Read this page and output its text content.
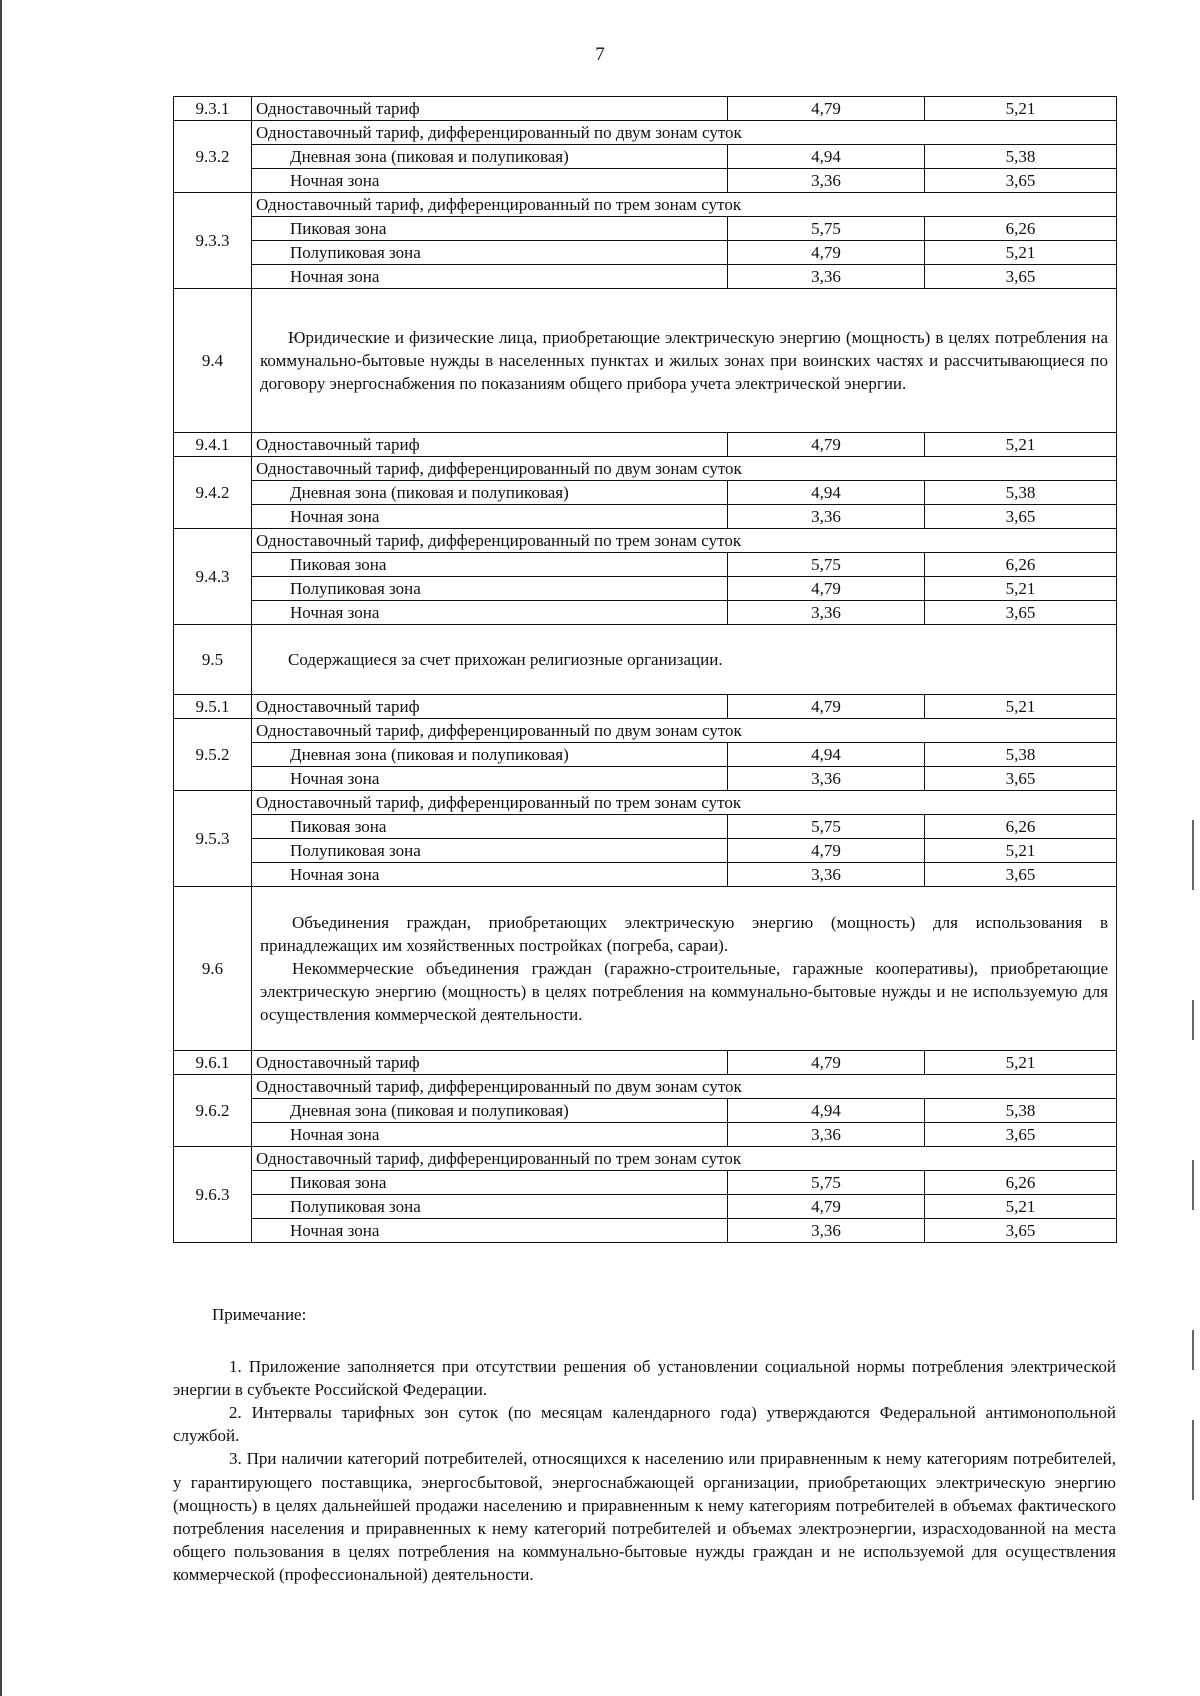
7
9.3.1	Одноставочный тариф	4,79	5,21
9.3.2	Одноставочный тариф, дифференцированный по двум зонам суток		
	Дневная зона (пиковая и полупиковая)	4,94	5,38
	Ночная зона	3,36	3,65
9.3.3	Одноставочный тариф, дифференцированный по трем зонам суток		
	Пиковая зона	5,75	6,26
	Полупиковая зона	4,79	5,21
	Ночная зона	3,36	3,65
9.4	Юридические и физические лица, приобретающие электрическую энергию (мощность) в целях потребления на коммунально-бытовые нужды в населенных пунктах и жилых зонах при воинских частях и рассчитывающиеся по договору энергоснабжения по показаниям общего прибора учета электрической энергии.		

9.4.1	Одноставочный тариф	4,79	5,21
9.4.2	Одноставочный тариф, дифференцированный по двум зонам суток		
	Дневная зона (пиковая и полупиковая)	4,94	5,38
	Ночная зона	3,36	3,65
9.4.3	Одноставочный тариф, дифференцированный по трем зонам суток		
	Пиковая зона	5,75	6,26
	Полупиковая зона	4,79	5,21
	Ночная зона	3,36	3,65
9.5	Содержащиеся за счет прихожан религиозные организации.		

9.5.1	Одноставочный тариф	4,79	5,21
9.5.2	Одноставочный тариф, дифференцированный по двум зонам суток		
	Дневная зона (пиковая и полупиковая)	4,94	5,38
	Ночная зона	3,36	3,65
9.5.3	Одноставочный тариф, дифференцированный по трем зонам суток		
	Пиковая зона	5,75	6,26
	Полупиковая зона	4,79	5,21
	Ночная зона	3,36	3,65
9.6	Объединения граждан, приобретающих электрическую энергию (мощность) для использования в принадлежащих им хозяйственных постройках (погреба, сараи).

Некоммерческие объединения граждан (гаражно-строительные, гаражные кооперативы), приобретающие электрическую энергию (мощность) в целях потребления на коммунально-бытовые нужды и не используемую для осуществления коммерческой деятельности.		

9.6.1	Одноставочный тариф	4,79	5,21
9.6.2	Одноставочный тариф, дифференцированный по двум зонам суток		
	Дневная зона (пиковая и полупиковая)	4,94	5,38
	Ночная зона	3,36	3,65
9.6.3	Одноставочный тариф, дифференцированный по трем зонам суток		
	Пиковая зона	5,75	6,26
	Полупиковая зона	4,79	5,21
	Ночная зона	3,36	3,65
Примечание:

1. Приложение заполняется при отсутствии решения об установлении социальной нормы потребления электрической энергии в субъекте Российской Федерации.

2. Интервалы тарифных зон суток (по месяцам календарного года) утверждаются Федеральной антимонопольной службой.

3. При наличии категорий потребителей, относящихся к населению или приравненным к нему категориям потребителей, у гарантирующего поставщика, энергосбытовой, энергоснабжающей организации, приобретающих электрическую энергию (мощность) в целях дальнейшей продажи населению и приравненным к нему категориям потребителей в объемах фактического потребления населения и приравненных к нему категорий потребителей и объемах электроэнергии, израсходованной на места общего пользования в целях потребления на коммунально-бытовые нужды граждан и не используемой для осуществления коммерческой (профессиональной) деятельности.
